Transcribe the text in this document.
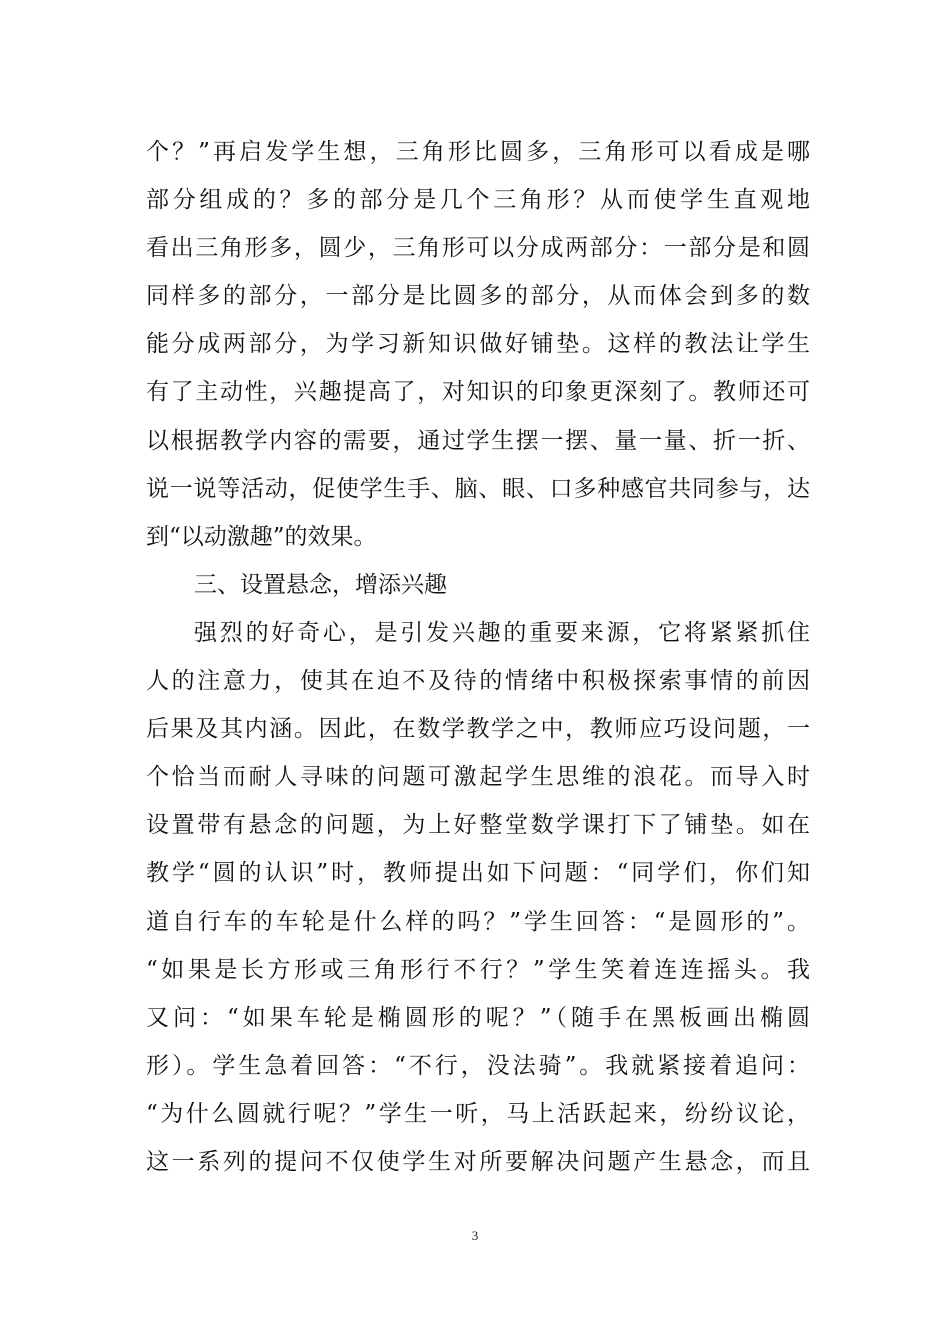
个？”再启发学生想，三角形比圆多，三角形可以看成是哪
部分组成的？多的部分是几个三角形？从而使学生直观地
看出三角形多，圆少，三角形可以分成两部分：一部分是和圆
同样多的部分，一部分是比圆多的部分，从而体会到多的数
能分成两部分，为学习新知识做好铺垫。这样的教法让学生
有了主动性，兴趣提高了，对知识的印象更深刻了。教师还可
以根据教学内容的需要，通过学生摆一摆、量一量、折一折、
说一说等活动，促使学生手、脑、眼、口多种感官共同参与，达
到“以动激趣”的效果。
三、设置悬念，增添兴趣
强烈的好奇心，是引发兴趣的重要来源，它将紧紧抓住
人的注意力，使其在迫不及待的情绪中积极探索事情的前因
后果及其内涵。因此，在数学教学之中，教师应巧设问题，一
个恰当而耐人寻味的问题可激起学生思维的浪花。而导入时
设置带有悬念的问题，为上好整堂数学课打下了铺垫。如在
教学“圆的认识”时，教师提出如下问题：“同学们，你们知
道自行车的车轮是什么样的吗？”学生回答：“是圆形的”。
“如果是长方形或三角形行不行？”学生笑着连连摇头。我
又问：“如果车轮是椭圆形的呢？”（随手在黑板画出椭圆
形）。学生急着回答：“不行，没法骑”。我就紧接着追问：
“为什么圆就行呢？”学生一听，马上活跃起来，纷纷议论，
这一系列的提问不仅使学生对所要解决问题产生悬念，而且
3
